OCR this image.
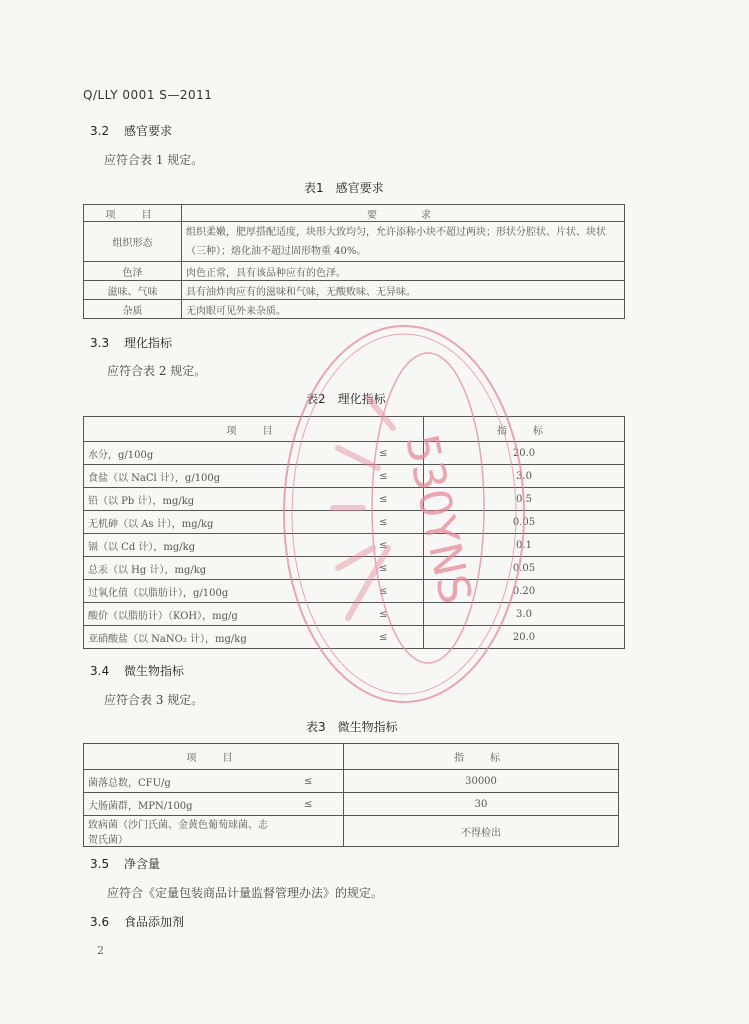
Q/LLY 0001 S—2011
3.2 感官要求
应符合表 1 规定。
表1　感官要求
项　目	要　　求
组织形态	组织柔嫩，肥厚搭配适度，块形大致均匀，允许添称小块不超过两块；形状分腔状、片状、块状（三种）；熔化油不超过固形物重 40%。
色泽	肉色正常，具有该品种应有的色泽。
滋味、气味	具有油炸肉应有的滋味和气味，无酸败味、无异味。
杂质	无肉眼可见外来杂质。
3.3 理化指标
应符合表 2 规定。
表2　理化指标
项　目		指　标
水分，g/100g	≤	20.0
食盐（以 NaCl 计），g/100g	≤	3.0
铅（以 Pb 计），mg/kg	≤	0.5
无机砷（以 As 计），mg/kg	≤	0.05
镉（以 Cd 计），mg/kg	≤	0.1
总汞（以 Hg 计），mg/kg	≤	0.05
过氧化值（以脂肪计），g/100g	≤	0.20
酸价（以脂肪计）（KOH），mg/g	≤	3.0
亚硝酸盐（以 NaNO₂ 计），mg/kg	≤	20.0
3.4 微生物指标
应符合表 3 规定。
表3　微生物指标
项　目		指　标
菌落总数，CFU/g	≤	30000
大肠菌群，MPN/100g	≤	30
致病菌（沙门氏菌、金黄色葡萄球菌、志贺氏菌）		不得检出
3.5 净含量
应符合《定量包装商品计量监督管理办法》的规定。
3.6 食品添加剂
2
530YNS
